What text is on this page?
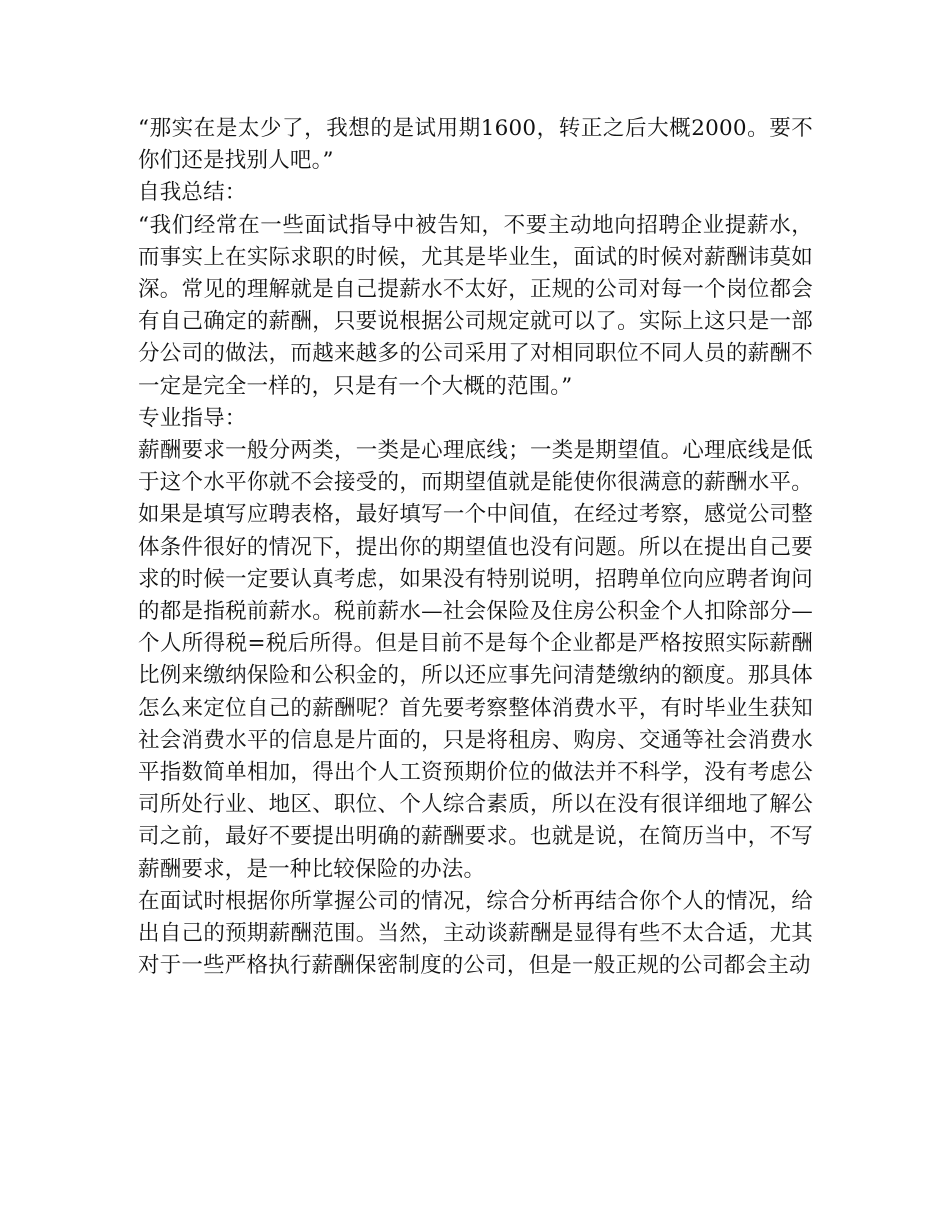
“那实在是太少了，我想的是试用期1600，转正之后大概2000。要不你们还是找别人吧。”

自我总结：

“我们经常在一些面试指导中被告知，不要主动地向招聘企业提薪水，而事实上在实际求职的时候，尤其是毕业生，面试的时候对薪酬讳莫如深。常见的理解就是自己提薪水不太好，正规的公司对每一个岗位都会有自己确定的薪酬，只要说根据公司规定就可以了。实际上这只是一部分公司的做法，而越来越多的公司采用了对相同职位不同人员的薪酬不一定是完全一样的，只是有一个大概的范围。”

专业指导：

薪酬要求一般分两类，一类是心理底线；一类是期望值。心理底线是低于这个水平你就不会接受的，而期望值就是能使你很满意的薪酬水平。如果是填写应聘表格，最好填写一个中间值，在经过考察，感觉公司整体条件很好的情况下，提出你的期望值也没有问题。所以在提出自己要求的时候一定要认真考虑，如果没有特别说明，招聘单位向应聘者询问的都是指税前薪水。税前薪水—社会保险及住房公积金个人扣除部分—个人所得税=税后所得。但是目前不是每个企业都是严格按照实际薪酬比例来缴纳保险和公积金的，所以还应事先问清楚缴纳的额度。那具体怎么来定位自己的薪酬呢？首先要考察整体消费水平，有时毕业生获知社会消费水平的信息是片面的，只是将租房、购房、交通等社会消费水平指数简单相加，得出个人工资预期价位的做法并不科学，没有考虑公司所处行业、地区、职位、个人综合素质，所以在没有很详细地了解公司之前，最好不要提出明确的薪酬要求。也就是说，在简历当中，不写薪酬要求，是一种比较保险的办法。

在面试时根据你所掌握公司的情况，综合分析再结合你个人的情况，给出自己的预期薪酬范围。当然，主动谈薪酬是显得有些不太合适，尤其对于一些严格执行薪酬保密制度的公司，但是一般正规的公司都会主动
